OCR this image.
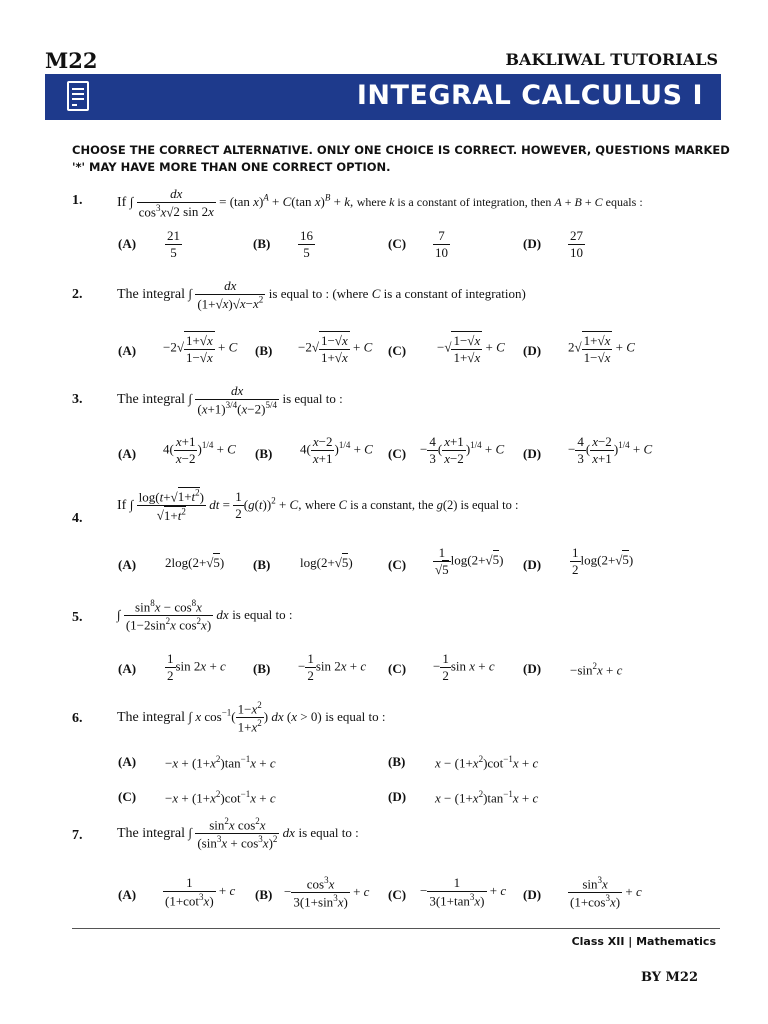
M22	BAKLIWAL TUTORIALS
INTEGRAL CALCULUS I
CHOOSE THE CORRECT ALTERNATIVE. ONLY ONE CHOICE IS CORRECT. HOWEVER, QUESTIONS MARKED '*' MAY HAVE MORE THAN ONE CORRECT OPTION.
1. If ∫ $\frac{dx}{\cos^3x√2 \sin 2x} = (\tan$ x)$^A$ + C(tan x)$^B$ + k, where k is a constant of integration, then A + B + C equals :
$(A) \frac{21}{5}$	$(B) \frac{16}{5}$	$(C) \frac{7}{10}$	$(D) \frac{27}{10}$
2. The integral ∫ $\frac{dx}{(1+√x)√x-x^2}$ is equal to : (where C is a constant of integration)
$(A) -2√ \frac{1+√x}{1-√x} + C$ $(B) -2√ \frac{1-√x}{1+√x} + C$ (C) −√ $\frac{1-√x}{1+√x} + C$ (D) $2√ \frac{1+√x}{1-√x} + C$
3. The integral ∫ $\frac{dx}{(x+1)^{3/4}(x-2)^{5/4}}$ is equal to :
(A) $4( \frac{x+1}{x-2} )^{1/4} + C$ (B) $4( \frac{x-2}{x+1} )^{1/4} + C$ $(C) - \frac{4}{3}$ ( $\frac{x+1}{x-2} )^{1/4} + C$ $(D) - \frac{4}{3}$ ( $\frac{x-2}{x+1} )^{1/4} + C$
4.
If ∫ $\frac{\log(t+√1+t^2)}{√1+t^2}$ dt = $\frac{1}{2} (g(t))^2 + C$, where C is a constant, the g(2) is equal to :
(A) 2log(2+√5) (B) log(2+√5)	$(C) \frac{1}{√5} \log(2+√5)$ $(D) \frac{1}{2} \log(2+√5)$
5.	∫ $\frac{\sin^8x - \cos^8x}{(1-2\sin^2x \cos^2x)}$ dx is equal to :
$(A) \frac{1}{2}$ sin 2x + c $(B) - \frac{1}{2}$ sin 2x + c $(C) - \frac{1}{2}$ sin x + c $(D) -\sin^2x + c$
6. The integral ∫ x $\cos^{-1}( \frac{1-x^2}{1+x^2}$ ) dx (x > 0) is equal to :
$(A) -x + (1+x^2)\tan^{-1}x + c$	(B) $x - (1+x^2)\cot^{-1}x + c$
$(C) -x + (1+x^2)\cot^{-1}x + c$	(D) $x - (1+x^2)\tan^{-1}x + c$
7. The integral ∫ $\frac{\sin^2x \cos^2x}{(\sin^3x + \cos^3x)^2}$ dx is equal to :
$(A) \frac{1}{(1+\cot^3x)} + c$ $(B) - \frac{\cos^3x}{3(1+\sin^3x)} + c$ $(C) - \frac{1}{3(1+\tan^3x)} + c$ $(D) \frac{\sin^3x}{(1+\cos^3x)} + c$
Class XII | Mathematics
BY M22
